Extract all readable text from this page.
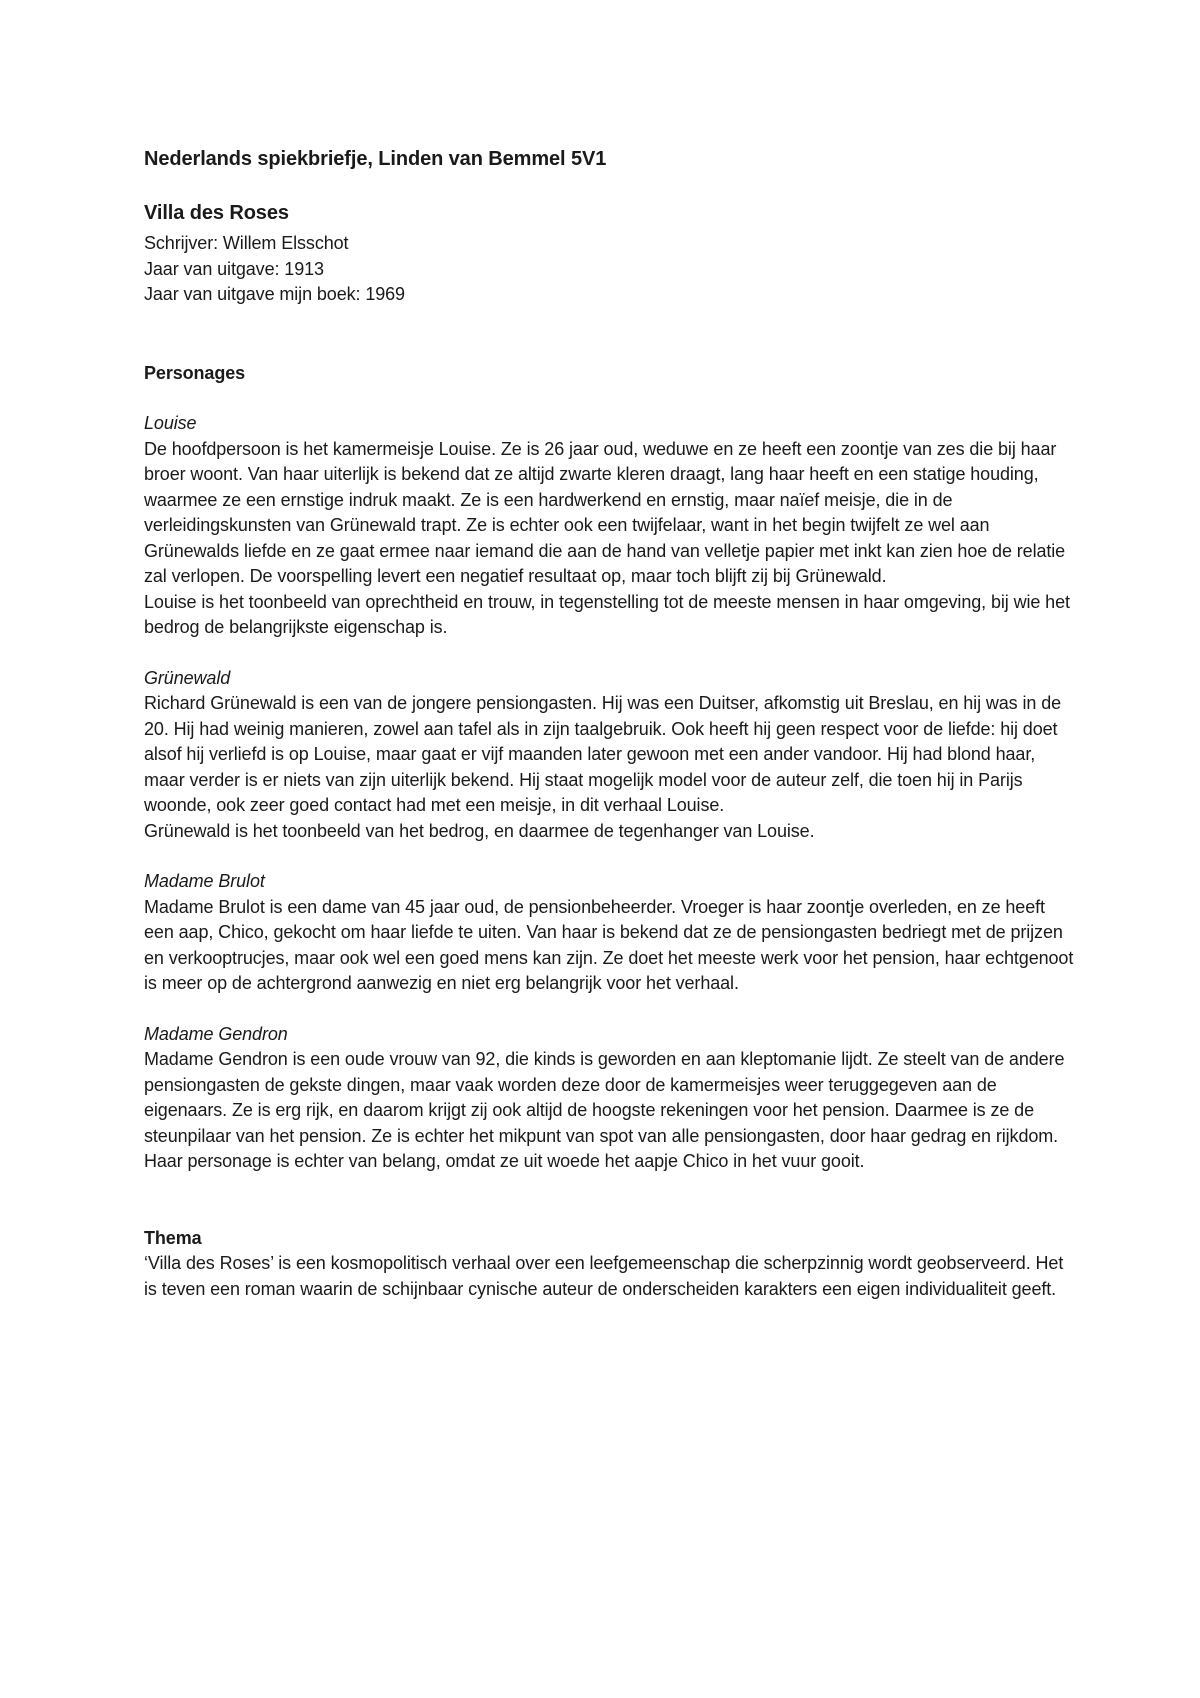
Nederlands spiekbriefje, Linden van Bemmel 5V1
Villa des Roses

Schrijver: Willem Elsschot

Jaar van uitgave: 1913

Jaar van uitgave mijn boek: 1969

Personages

Louise

De hoofdpersoon is het kamermeisje Louise. Ze is 26 jaar oud, weduwe en ze heeft een zoontje van zes die bij haar broer woont. Van haar uiterlijk is bekend dat ze altijd zwarte kleren draagt, lang haar heeft en een statige houding, waarmee ze een ernstige indruk maakt. Ze is een hardwerkend en ernstig, maar naïef meisje, die in de verleidingskunsten van Grünewald trapt. Ze is echter ook een twijfelaar, want in het begin twijfelt ze wel aan Grünewalds liefde en ze gaat ermee naar iemand die aan de hand van velletje papier met inkt kan zien hoe de relatie zal verlopen. De voorspelling levert een negatief resultaat op, maar toch blijft zij bij Grünewald.

Louise is het toonbeeld van oprechtheid en trouw, in tegenstelling tot de meeste mensen in haar omgeving, bij wie het bedrog de belangrijkste eigenschap is.

Grünewald

Richard Grünewald is een van de jongere pensiongasten. Hij was een Duitser, afkomstig uit Breslau, en hij was in de 20. Hij had weinig manieren, zowel aan tafel als in zijn taalgebruik. Ook heeft hij geen respect voor de liefde: hij doet alsof hij verliefd is op Louise, maar gaat er vijf maanden later gewoon met een ander vandoor. Hij had blond haar, maar verder is er niets van zijn uiterlijk bekend. Hij staat mogelijk model voor de auteur zelf, die toen hij in Parijs woonde, ook zeer goed contact had met een meisje, in dit verhaal Louise.

Grünewald is het toonbeeld van het bedrog, en daarmee de tegenhanger van Louise.

Madame Brulot

Madame Brulot is een dame van 45 jaar oud, de pensionbeheerder. Vroeger is haar zoontje overleden, en ze heeft een aap, Chico, gekocht om haar liefde te uiten. Van haar is bekend dat ze de pensiongasten bedriegt met de prijzen en verkooptrucjes, maar ook wel een goed mens kan zijn. Ze doet het meeste werk voor het pension, haar echtgenoot is meer op de achtergrond aanwezig en niet erg belangrijk voor het verhaal.

Madame Gendron

Madame Gendron is een oude vrouw van 92, die kinds is geworden en aan kleptomanie lijdt. Ze steelt van de andere pensiongasten de gekste dingen, maar vaak worden deze door de kamermeisjes weer teruggegeven aan de eigenaars. Ze is erg rijk, en daarom krijgt zij ook altijd de hoogste rekeningen voor het pension. Daarmee is ze de steunpilaar van het pension. Ze is echter het mikpunt van spot van alle pensiongasten, door haar gedrag en rijkdom. Haar personage is echter van belang, omdat ze uit woede het aapje Chico in het vuur gooit.

Thema

‘Villa des Roses’ is een kosmopolitisch verhaal over een leefgemeenschap die scherpzinnig wordt geobserveerd. Het is teven een roman waarin de schijnbaar cynische auteur de onderscheiden karakters een eigen individualiteit geeft.
